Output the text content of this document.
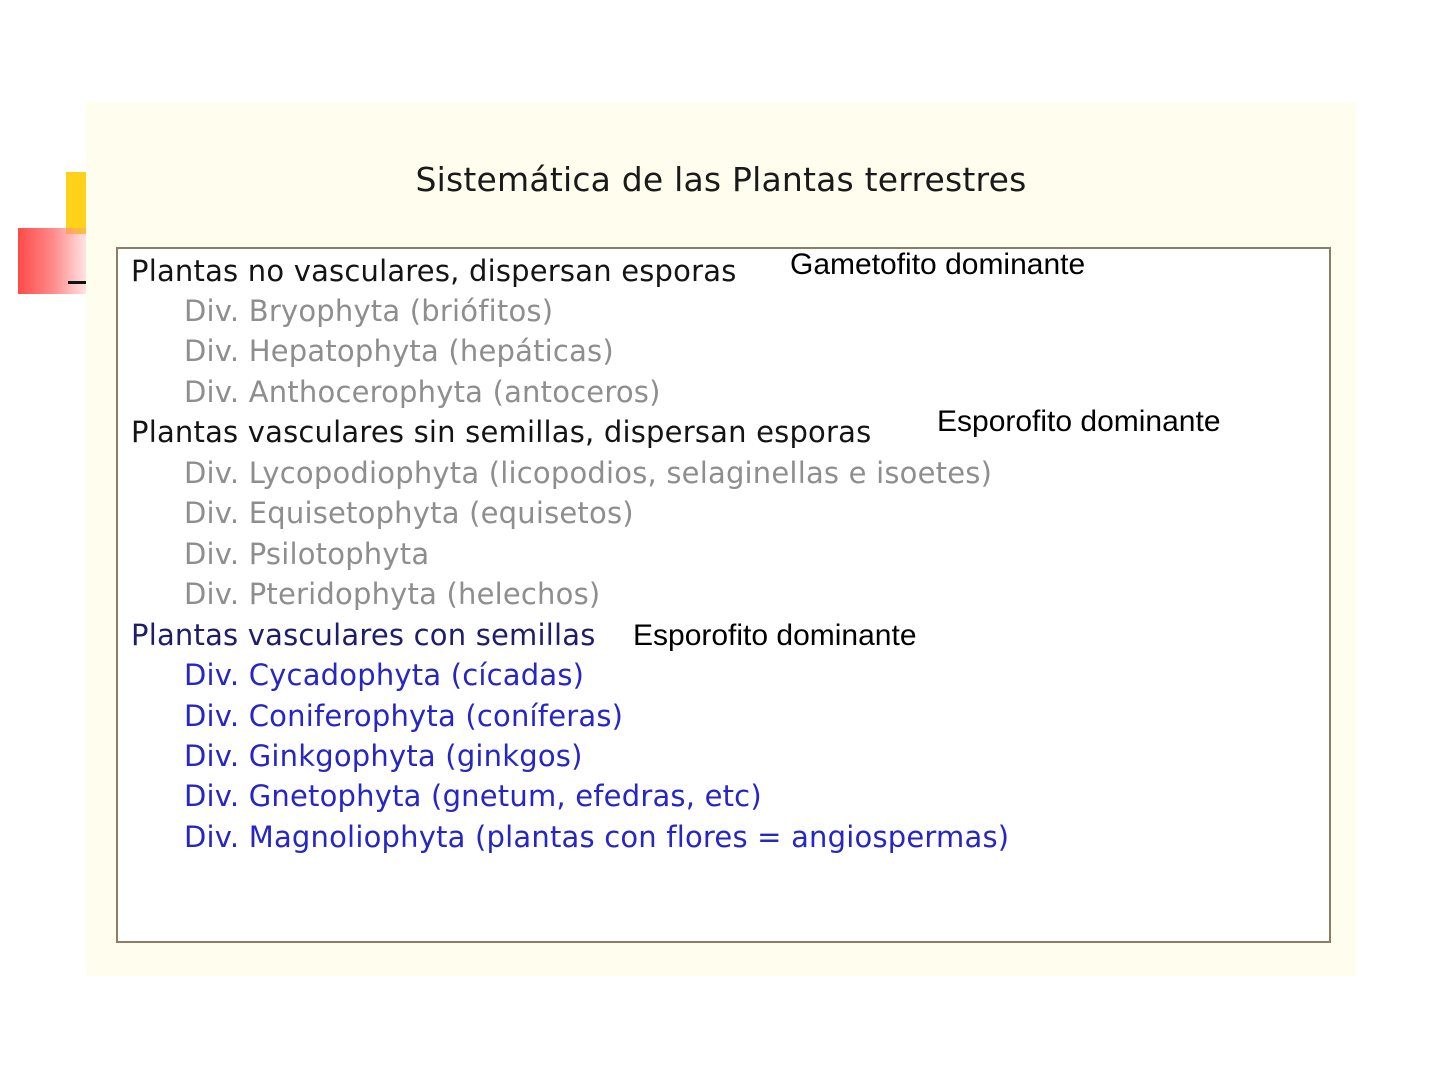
Sistemática de las Plantas terrestres
Plantas no vasculares, dispersan esporas
Div. Bryophyta (briófitos)
Div. Hepatophyta (hepáticas)
Div. Anthocerophyta (antoceros)
Plantas vasculares sin semillas, dispersan esporas
Div. Lycopodiophyta (licopodios, selaginellas e isoetes)
Div. Equisetophyta (equisetos)
Div. Psilotophyta
Div. Pteridophyta (helechos)
Plantas vasculares con semillas
Div. Cycadophyta (cícadas)
Div. Coniferophyta (coníferas)
Div. Ginkgophyta (ginkgos)
Div. Gnetophyta (gnetum, efedras, etc)
Div. Magnoliophyta (plantas con flores = angiospermas)
Gametofito dominante
Esporofito dominante
Esporofito dominante
